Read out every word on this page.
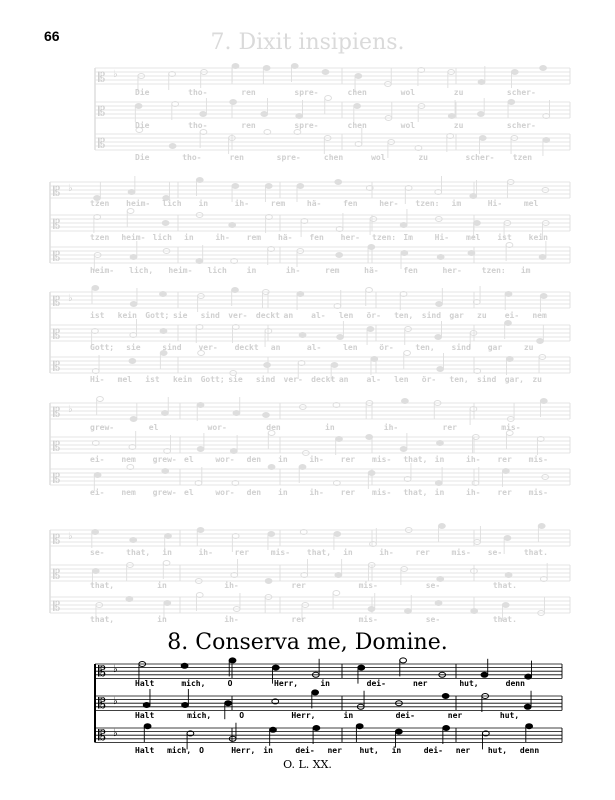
66	7. Dixit insipiens.
8. Conserva me, Domine.
O. L. XX.
𝄡 ♭
𝄡
𝄡
Die	tho-	ren	spre-	chen	wol	zu	scher-
Die	tho-	ren	spre-	chen	wol	zu	scher-
Die	tho-	ren	spre-	chen	wol	zu	scher- tzen
𝄡 ♭
𝄡
𝄡
tzen heim- lich in	ih-	rem	hä-	fen	her- tzen: im	Hi-	mel
tzen heim- lich in	ih- rem hä- fen her- tzen: Im	Hi- mel ist kein
heim- lich, heim- lich in	ih-	rem	hä-	fen	her- tzen: im
𝄡 ♭
𝄡
𝄡
ist kein Gott; sie sind ver- deckt an al- len ör- ten, sind gar zu ei- nem
Gott; sie	sind ver- deckt an	al-	len	ör-	ten, sind gar	zu
Hi- mel ist kein Gott; sie sind ver- deckt an al- len ör- ten, sind gar, zu
𝄡 ♭
𝄡
𝄡
grew-	el	wor-	den	in	ih-	rer	mis-
ei- nem grew- el	wor- den in	ih- rer mis- that, in	ih- rer mis-
ei- nem grew- el	wor- den in	ih- rer mis- that, in	ih- rer mis-
𝄡 ♭
𝄡
𝄡
se-	that, in	ih-	rer	mis- that, in	ih-	rer	mis- se-	that.
that,	in	ih-	rer	mis-	se-	that.
that,	in	ih-	rer	mis-	se-	that.
𝄡 ♭
𝄡 ♭
𝄡 ♭
Halt	mich,	O	Herr,	in	dei-	ner	hut,	denn
Halt	mich,	O	Herr,	in	dei-	ner	hut,
Halt mich, O	Herr, in	dei- ner hut, in	dei- ner hut, denn
